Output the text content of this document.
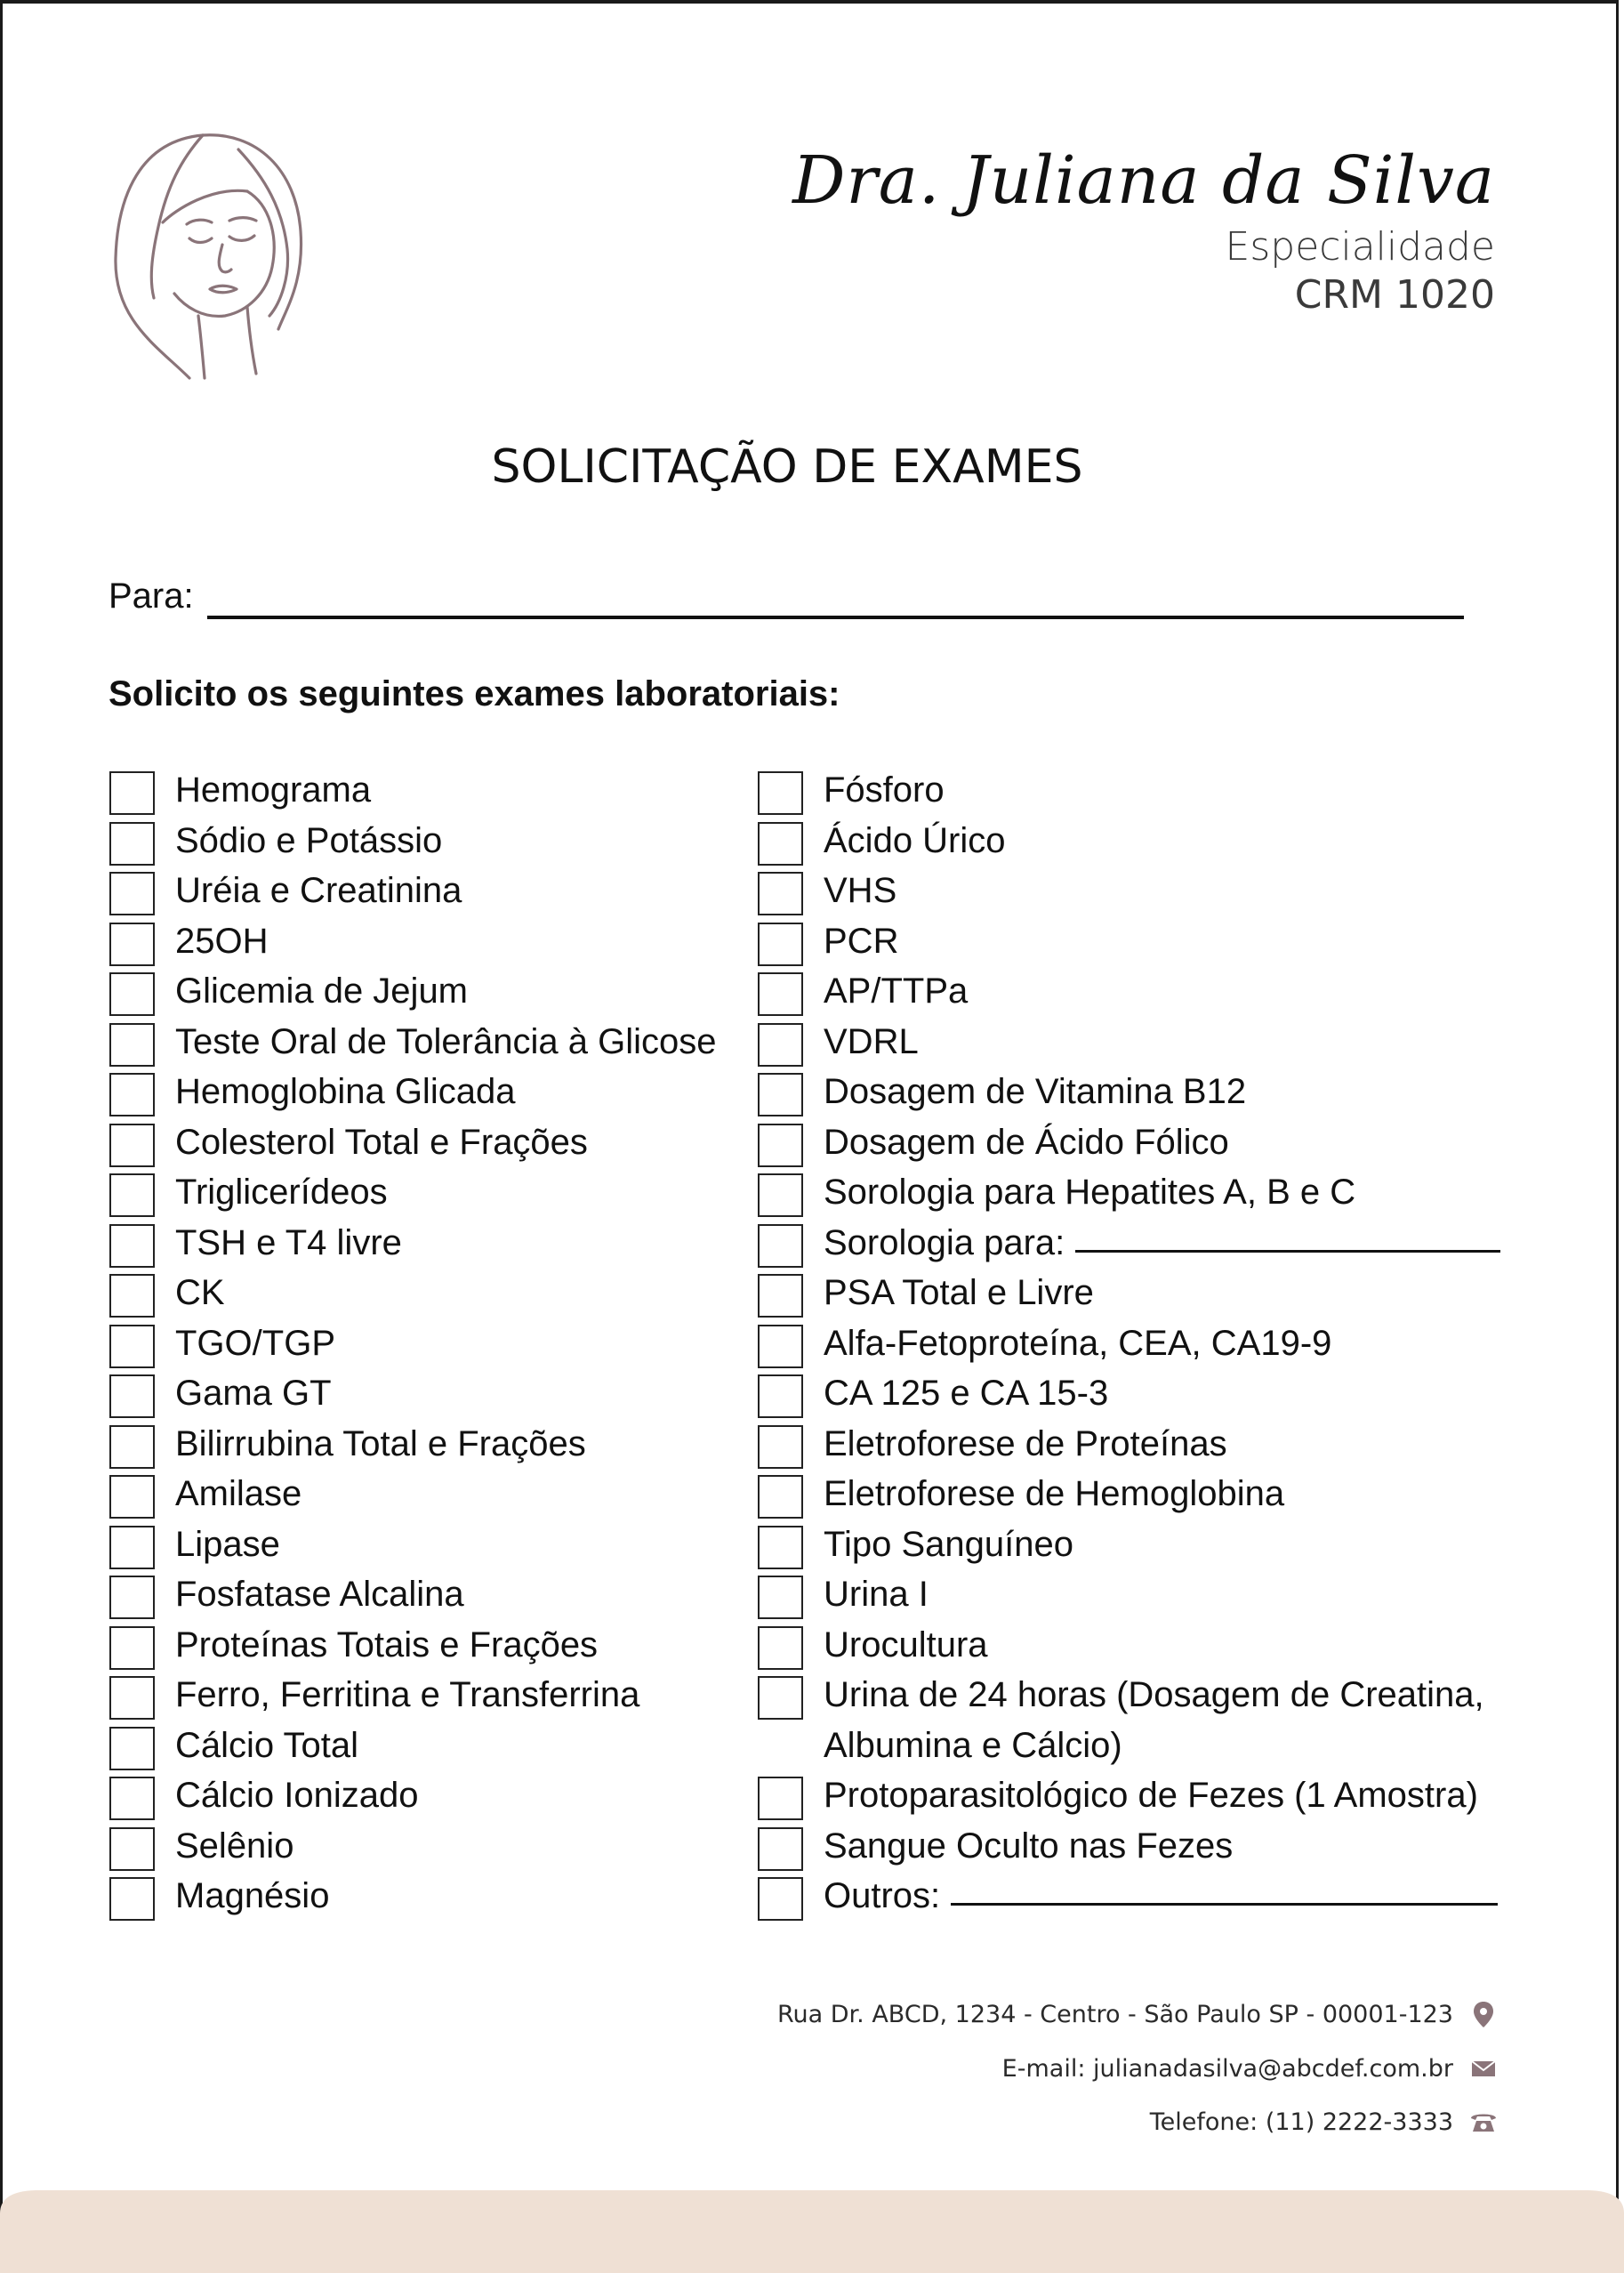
Dra. Juliana da Silva
Especialidade
CRM 1020
SOLICITAÇÃO DE EXAMES
Para:
Solicito os seguintes exames laboratoriais:
Hemograma
Sódio e Potássio
Uréia e Creatinina
25OH
Glicemia de Jejum
Teste Oral de Tolerância à Glicose
Hemoglobina Glicada
Colesterol Total e Frações
Triglicerídeos
TSH e T4 livre
CK
TGO/TGP
Gama GT
Bilirrubina Total e Frações
Amilase
Lipase
Fosfatase Alcalina
Proteínas Totais e Frações
Ferro, Ferritina e Transferrina
Cálcio Total
Cálcio Ionizado
Selênio
Magnésio
Fósforo
Ácido Úrico
VHS
PCR
AP/TTPa
VDRL
Dosagem de Vitamina B12
Dosagem de Ácido Fólico
Sorologia para Hepatites A, B e C
Sorologia para:
PSA Total e Livre
Alfa-Fetoproteína, CEA, CA19-9
CA 125 e CA 15-3
Eletroforese de Proteínas
Eletroforese de Hemoglobina
Tipo Sanguíneo
Urina I
Urocultura
Urina de 24 horas (Dosagem de Creatina,
Albumina e Cálcio)
Protoparasitológico de Fezes (1 Amostra)
Sangue Oculto nas Fezes
Outros:
Rua Dr. ABCD, 1234 - Centro - São Paulo SP - 00001-123
E-mail: julianadasilva@abcdef.com.br
Telefone: (11) 2222-3333
